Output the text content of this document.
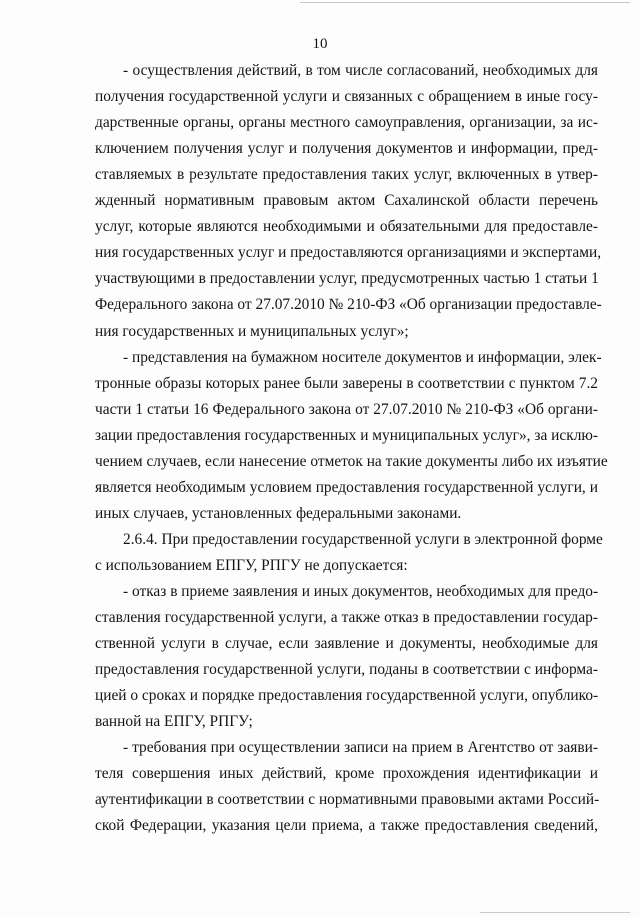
10
- осуществления действий, в том числе согласований, необходимых для
получения государственной услуги и связанных с обращением в иные госу-
дарственные органы, органы местного самоуправления, организации, за ис-
ключением получения услуг и получения документов и информации, пред-
ставляемых в результате предоставления таких услуг, включенных в утвер-
жденный нормативным правовым актом Сахалинской области перечень
услуг, которые являются необходимыми и обязательными для предоставле-
ния государственных услуг и предоставляются организациями и экспертами,
участвующими в предоставлении услуг, предусмотренных частью 1 статьи 1
Федерального закона от 27.07.2010 № 210-ФЗ «Об организации предоставле-
ния государственных и муниципальных услуг»;
- представления на бумажном носителе документов и информации, элек-
тронные образы которых ранее были заверены в соответствии с пунктом 7.2
части 1 статьи 16 Федерального закона от 27.07.2010 № 210-ФЗ «Об органи-
зации предоставления государственных и муниципальных услуг», за исклю-
чением случаев, если нанесение отметок на такие документы либо их изъятие
является необходимым условием предоставления государственной услуги, и
иных случаев, установленных федеральными законами.
2.6.4. При предоставлении государственной услуги в электронной форме
с использованием ЕПГУ, РПГУ не допускается:
- отказ в приеме заявления и иных документов, необходимых для предо-
ставления государственной услуги, а также отказ в предоставлении государ-
ственной услуги в случае, если заявление и документы, необходимые для
предоставления государственной услуги, поданы в соответствии с информа-
цией о сроках и порядке предоставления государственной услуги, опублико-
ванной на ЕПГУ, РПГУ;
- требования при осуществлении записи на прием в Агентство от заяви-
теля совершения иных действий, кроме прохождения идентификации и
аутентификации в соответствии с нормативными правовыми актами Россий-
ской Федерации, указания цели приема, а также предоставления сведений,
